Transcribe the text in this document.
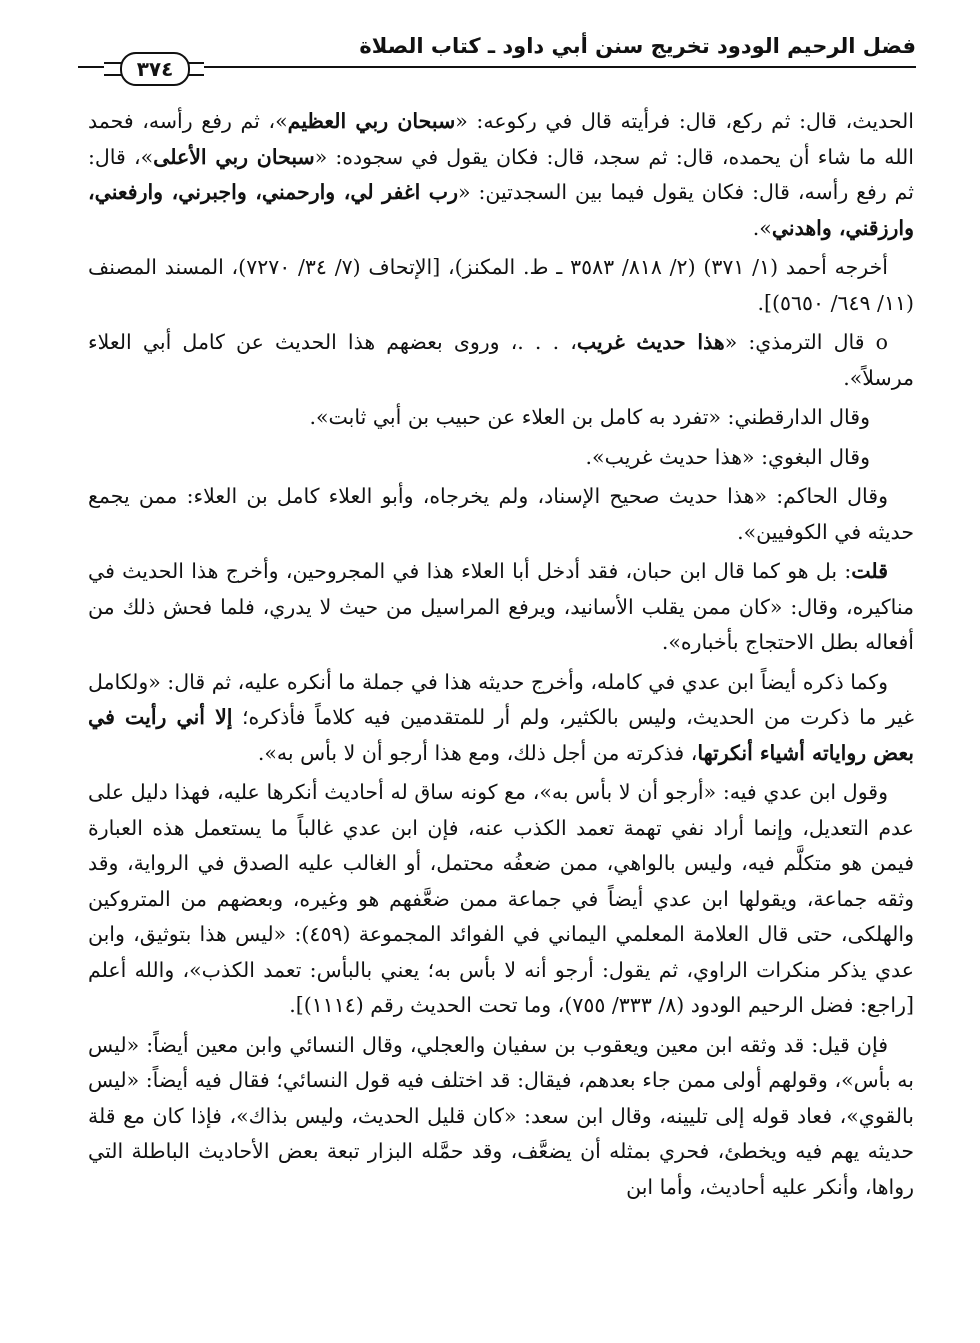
فضل الرحيم الودود تخريج سنن أبي داود ـ كتاب الصلاة
٣٧٤

الحديث، قال: ثم ركع، قال: فرأيته قال في ركوعه: «سبحان ربي العظيم»، ثم رفع رأسه، فحمد الله ما شاء أن يحمده، قال: ثم سجد، قال: فكان يقول في سجوده: «سبحان ربي الأعلى»، قال: ثم رفع رأسه، قال: فكان يقول فيما بين السجدتين: «رب اغفر لي، وارحمني، واجبرني، وارفعني، وارزقني، واهدني».

أخرجه أحمد (١/ ٣٧١) (٢/ ٨١٨/ ٣٥٨٣ ـ ط. المكنز)، [الإتحاف (٧/ ٣٤/ ٧٢٧٠)، المسند المصنف (١١/ ٦٤٩/ ٥٦٥٠)].

o قال الترمذي: «هذا حديث غريب، . . .، وروى بعضهم هذا الحديث عن كامل أبي العلاء مرسلاً».

وقال الدارقطني: «تفرد به كامل بن العلاء عن حبيب بن أبي ثابت».

وقال البغوي: «هذا حديث غريب».

وقال الحاكم: «هذا حديث صحيح الإسناد، ولم يخرجاه، وأبو العلاء كامل بن العلاء: ممن يجمع حديثه في الكوفيين».

قلت: بل هو كما قال ابن حبان، فقد أدخل أبا العلاء هذا في المجروحين، وأخرج هذا الحديث في مناكيره، وقال: «كان ممن يقلب الأسانيد، ويرفع المراسيل من حيث لا يدري، فلما فحش ذلك من أفعاله بطل الاحتجاج بأخباره».

وكما ذكره أيضاً ابن عدي في كامله، وأخرج حديثه هذا في جملة ما أنكره عليه، ثم قال: «ولكامل غير ما ذكرت من الحديث، وليس بالكثير، ولم أر للمتقدمين فيه كلاماً فأذكره؛ إلا أني رأيت في بعض رواياته أشياء أنكرتها، فذكرته من أجل ذلك، ومع هذا أرجو أن لا بأس به».

وقول ابن عدي فيه: «أرجو أن لا بأس به»، مع كونه ساق له أحاديث أنكرها عليه، فهذا دليل على عدم التعديل، وإنما أراد نفي تهمة تعمد الكذب عنه، فإن ابن عدي غالباً ما يستعمل هذه العبارة فيمن هو متكلَّم فيه، وليس بالواهي، ممن ضعفُه محتمل، أو الغالب عليه الصدق في الرواية، وقد وثقه جماعة، ويقولها ابن عدي أيضاً في جماعة ممن ضعَّفهم هو وغيره، وبعضهم من المتروكين والهلكى، حتى قال العلامة المعلمي اليماني في الفوائد المجموعة (٤٥٩): «ليس هذا بتوثيق، وابن عدي يذكر منكرات الراوي، ثم يقول: أرجو أنه لا بأس به؛ يعني بالبأس: تعمد الكذب»، والله أعلم [راجع: فضل الرحيم الودود (٨/ ٣٣٣/ ٧٥٥)، وما تحت الحديث رقم (١١١٤)].

فإن قيل: قد وثقه ابن معين ويعقوب بن سفيان والعجلي، وقال النسائي وابن معين أيضاً: «ليس به بأس»، وقولهم أولى ممن جاء بعدهم، فيقال: قد اختلف فيه قول النسائي؛ فقال فيه أيضاً: «ليس بالقوي»، فعاد قوله إلى تليينه، وقال ابن سعد: «كان قليل الحديث، وليس بذاك»، فإذا كان مع قلة حديثه يهم فيه ويخطئ، فحري بمثله أن يضعَّف، وقد حمَّله البزار تبعة بعض الأحاديث الباطلة التي رواها، وأنكر عليه أحاديث، وأما ابن
